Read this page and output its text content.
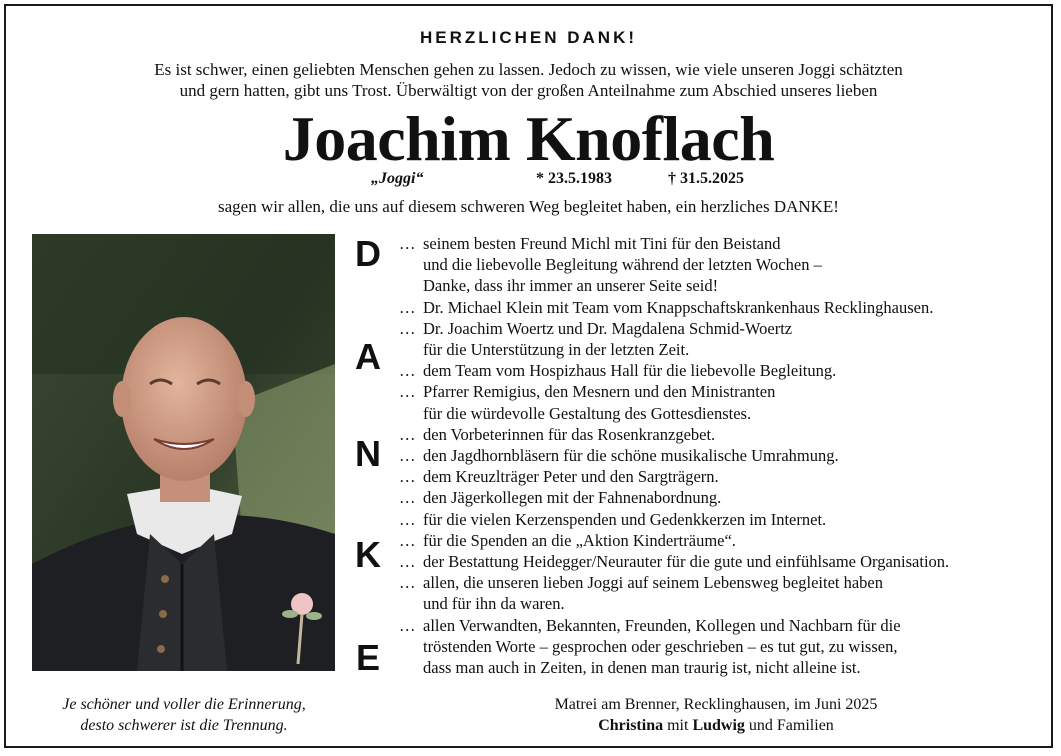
HERZLICHEN DANK!
Es ist schwer, einen geliebten Menschen gehen zu lassen. Jedoch zu wissen, wie viele unseren Joggi schätzten
und gern hatten, gibt uns Trost. Überwältigt von der großen Anteilnahme zum Abschied unseres lieben
Joachim Knoflach
„Joggi“	* 23.5.1983	† 31.5.2025
sagen wir allen, die uns auf diesem schweren Weg begleitet haben, ein herzliches DANKE!
D
A
N
K
E
… seinem besten Freund Michl mit Tini für den Beistand
und die liebevolle Begleitung während der letzten Wochen –
Danke, dass ihr immer an unserer Seite seid!
… Dr. Michael Klein mit Team vom Knappschaftskrankenhaus Recklinghausen.
… Dr. Joachim Woertz und Dr. Magdalena Schmid-Woertz
für die Unterstützung in der letzten Zeit.
… dem Team vom Hospizhaus Hall für die liebevolle Begleitung.
… Pfarrer Remigius, den Mesnern und den Ministranten
für die würdevolle Gestaltung des Gottesdienstes.
… den Vorbeterinnen für das Rosenkranzgebet.
… den Jagdhornbläsern für die schöne musikalische Umrahmung.
… dem Kreuzlträger Peter und den Sargträgern.
… den Jägerkollegen mit der Fahnenabordnung.
… für die vielen Kerzenspenden und Gedenkkerzen im Internet.
… für die Spenden an die „Aktion Kinderträume“.
… der Bestattung Heidegger/Neurauter für die gute und einfühlsame Organisation.
… allen, die unseren lieben Joggi auf seinem Lebensweg begleitet haben
und für ihn da waren.
… allen Verwandten, Bekannten, Freunden, Kollegen und Nachbarn für die
tröstenden Worte – gesprochen oder geschrieben – es tut gut, zu wissen,
dass man auch in Zeiten, in denen man traurig ist, nicht alleine ist.
Je schöner und voller die Erinnerung,
desto schwerer ist die Trennung.
Matrei am Brenner, Recklinghausen, im Juni 2025
Christina mit Ludwig und Familien
